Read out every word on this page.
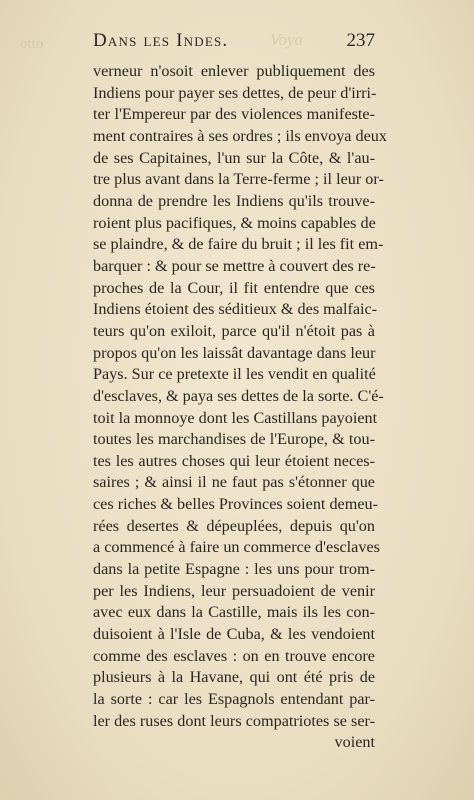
otto	Voya
Dans les Indes.	237
verneur n'osoit enlever publiquement des
Indiens pour payer ses dettes, de peur d'irri-
ter l'Empereur par des violences manifeste-
ment contraires à ses ordres ; ils envoya deux
de ses Capitaines, l'un sur la Côte, & l'au-
tre plus avant dans la Terre-ferme ; il leur or-
donna de prendre les Indiens qu'ils trouve-
roient plus pacifiques, & moins capables de
se plaindre, & de faire du bruit ; il les fit em-
barquer : & pour se mettre à couvert des re-
proches de la Cour, il fit entendre que ces
Indiens étoient des séditieux & des malfaic-
teurs qu'on exiloit, parce qu'il n'étoit pas à
propos qu'on les laissât davantage dans leur
Pays. Sur ce pretexte il les vendit en qualité
d'esclaves, & paya ses dettes de la sorte. C'é-
toit la monnoye dont les Castillans payoient
toutes les marchandises de l'Europe, & tou-
tes les autres choses qui leur étoient neces-
saires ; & ainsi il ne faut pas s'étonner que
ces riches & belles Provinces soient demeu-
rées desertes & dépeuplées, depuis qu'on
a commencé à faire un commerce d'esclaves
dans la petite Espagne : les uns pour trom-
per les Indiens, leur persuadoient de venir
avec eux dans la Castille, mais ils les con-
duisoient à l'Isle de Cuba, & les vendoient
comme des esclaves : on en trouve encore
plusieurs à la Havane, qui ont été pris de
la sorte : car les Espagnols entendant par-
ler des ruses dont leurs compatriotes se ser-
voient
